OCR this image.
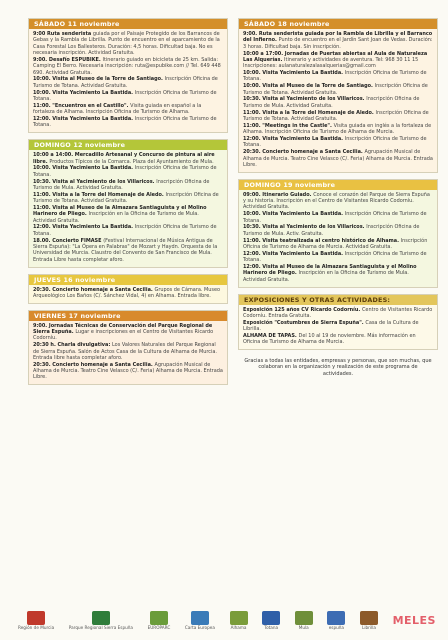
SÁBADO 11 noviembre
9:00 Ruta senderista guiada por el Paisaje Protegido de los Barrancos de Gebas y la Rambla de Librilla. Punto de encuentro en el aparcamiento de la Casa Forestal Los Ballesteros. Duración: 4,5 horas. Dificultad baja. No es necesaria inscripción. Actividad Gratuita.
9:00. Desafío ESPUBIKE. Itinerario guiado en bicicleta de 25 km. Salida: Camping El Berro. Necesaria inscripción: ruta@espubike.com // Tel. 649 448 690. Actividad Gratuita.
10:00. Visita al Museo de la Torre de Santiago. Inscripción Oficina de Turismo de Totana. Actividad Gratuita.
10:00. Visita Yacimiento La Bastida. Inscripción Oficina de Turismo de Totana.
11:00. "Encuentros en el Castillo". Visita guiada en español a la fortaleza de Alhama. Inscripción Oficina de Turismo de Alhama.
12:00. Visita Yacimiento La Bastida. Inscripción Oficina de Turismo de Totana.
DOMINGO 12 noviembre
10:00 a 14:00. Mercadillo Artesanal y Concurso de pintura al aire libre. Productos Típicos de la Comarca. Plaza del Ayuntamiento de Mula.
10:00. Visita Yacimiento La Bastida. Inscripción Oficina de Turismo de Totana.
10:30. Visita al Yacimiento de los Villaricos. Inscripción Oficina de Turismo de Mula. Actividad Gratuita.
11:00. Visita a la Torre del Homenaje de Aledo. Inscripción Oficina de Turismo de Totana. Actividad Gratuita.
11:00. Visita al Museo de la Almazara Santiaguista y el Molino Harinero de Pliego. Inscripción en la Oficina de Turismo de Mula. Actividad Gratuita.
12:00. Visita Yacimiento La Bastida. Inscripción Oficina de Turismo de Totana.
18.00. Concierto FIMASE (Festival Internacional de Música Antigua de Sierra Espuña): "La Ópera en Palabras" de Mozart y Haydn. Orquesta de la Universidad de Murcia. Claustro del Convento de San Francisco de Mula. Entrada Libre hasta completar aforo.
JUEVES 16 noviembre
20:30. Concierto homenaje a Santa Cecilia. Grupos de Cámara. Museo Arqueológico Los Baños (C/. Sánchez Vidal, 4) en Alhama. Entrada libre.
VIERNES 17 noviembre
9:00. Jornadas Técnicas de Conservación del Parque Regional de Sierra Espuña. Lugar e inscripciones en el Centro de Visitantes Ricardo Codorníu.
20:30 h. Charla divulgativa: Los Valores Naturales del Parque Regional de Sierra Espuña. Salón de Actos Casa de la Cultura de Alhama de Murcia. Entrada libre hasta completar aforo.
20:30. Concierto homenaje a Santa Cecilia. Agrupación Musical de Alhama de Murcia. Teatro Cine Velasco (C/. Feria) Alhama de Murcia. Entrada Libre.
SÁBADO 18 noviembre
9:00. Ruta senderista guiada por la Rambla de Librilla y el Barranco del Infierno. Punto de encuentro en el Jardín Sant Joan de Vedas. Duración: 3 horas. Dificultad baja. Sin inscripción.
10:00 a 17:00. Jornadas de Puertas abiertas al Aula de Naturaleza Las Alquerías. Itinerario y actividades de aventura. Tel: 968 30 11 15 Inscripciones: aulanaturalezalasalquerias@gmail.com
10:00. Visita Yacimiento La Bastida. Inscripción Oficina de Turismo de Totana.
10:00. Visita al Museo de la Torre de Santiago. Inscripción Oficina de Turismo de Totana. Actividad Gratuita.
10:30. Visita al Yacimiento de los Villaricos. Inscripción Oficina de Turismo de Mula. Actividad Gratuita.
11:00. Visita a la Torre del Homenaje de Aledo. Inscripción Oficina de Turismo de Totana. Actividad Gratuita.
11:00. "Meetings in the Castle". Visita guiada en inglés a la fortaleza de Alhama. Inscripción Oficina de Turismo de Alhama de Murcia.
12:00. Visita Yacimiento La Bastida. Inscripción Oficina de Turismo de Totana.
20:30. Concierto homenaje a Santa Cecilia. Agrupación Musical de Alhama de Murcia. Teatro Cine Velasco (C/. Feria) Alhama de Murcia. Entrada Libre.
DOMINGO 19 noviembre
09:00. Itinerario Guiado. Conoce el corazón del Parque de Sierra Espuña y su historia. Inscripción en el Centro de Visitantes Ricardo Codorníu. Actividad Gratuita.
10:00. Visita Yacimiento La Bastida. Inscripción Oficina de Turismo de Totana.
10:30. Visita al Yacimiento de los Villaricos. Inscripción Oficina de Turismo de Mula. Activ. Gratuita.
11:00. Visita teatralizada al centro histórico de Alhama. Inscripción Oficina de Turismo de Alhama de Murcia. Actividad Gratuita.
12:00. Visita Yacimiento La Bastida. Inscripción Oficina de Turismo de Totana.
12:00. Visita al Museo de la Almazara Santiaguista y el Molino Harinero de Pliego. Inscripción en la Oficina de Turismo de Mula. Actividad Gratuita.
EXPOSICIONES Y OTRAS ACTIVIDADES:
Exposición 125 años CV Ricardo Codorníu. Centro de Visitantes Ricardo Codorníu. Entrada Gratuita.
Exposición "Costumbres de Sierra Espuña". Casa de la Cultura de Librilla.
ALHAMA DE TAPAS. Del 10 al 19 de noviembre. Más información en Oficina de Turismo de Alhama de Murcia.
Gracias a todas las entidades, empresas y personas, que son muchas, que colaboran en la organización y realización de este programa de actividades.
Región de Murcia	Parque Regional Sierra Espuña	EUROPARC	Carta Europea	Alhama	Totana	Mula	espuña	Librilla
MELES
